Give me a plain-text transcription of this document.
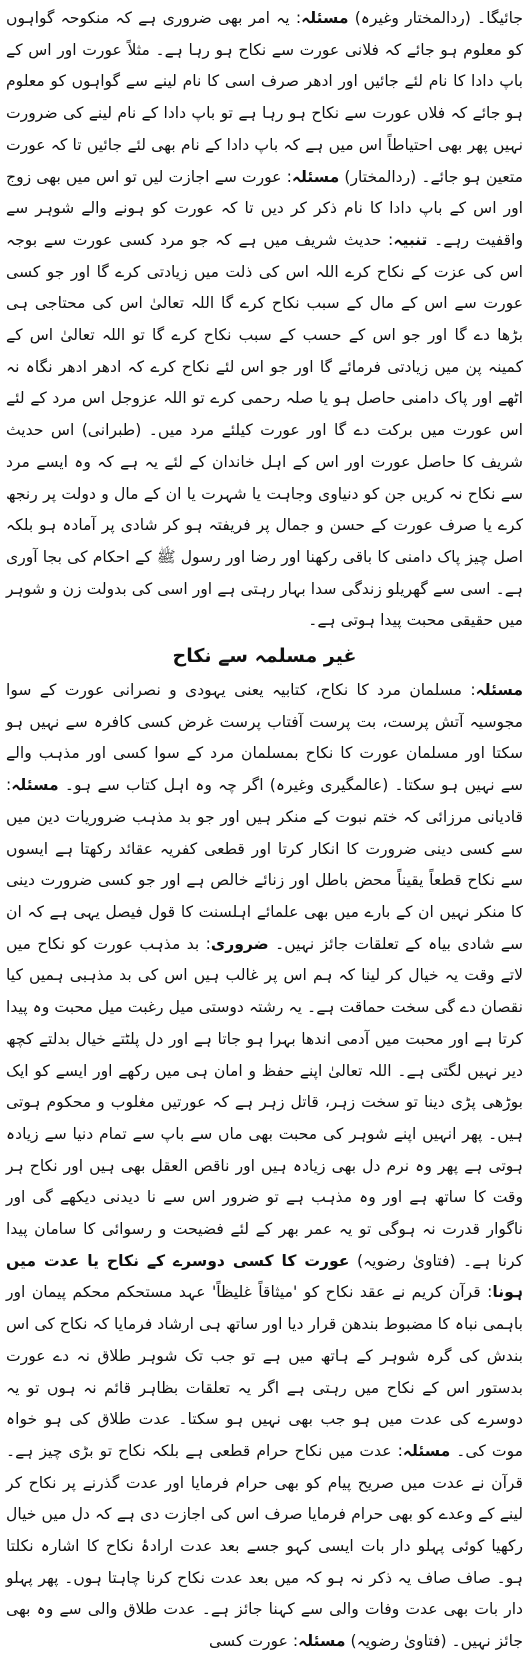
جائیگا۔ (ردالمختار وغیرہ) مسئلہ: یہ امر بھی ضروری ہے کہ منکوحہ گواہوں کو معلوم ہو جائے کہ فلانی عورت سے نکاح ہو رہا ہے۔ مثلاً عورت اور اس کے باپ دادا کا نام لئے جائیں اور ادھر صرف اسی کا نام لینے سے گواہوں کو معلوم ہو جائے کہ فلاں عورت سے نکاح ہو رہا ہے تو باپ دادا کے نام لینے کی ضرورت نہیں پھر بھی احتیاطاً اس میں ہے کہ باپ دادا کے نام بھی لئے جائیں تا کہ عورت متعین ہو جائے۔ (ردالمختار) مسئلہ: عورت سے اجازت لیں تو اس میں بھی زوج اور اس کے باپ دادا کا نام ذکر کر دیں تا کہ عورت کو ہونے والے شوہر سے واقفیت رہے۔ تنبیہ: حدیث شریف میں ہے کہ جو مرد کسی عورت سے بوجہ اس کی عزت کے نکاح کرے اللہ اس کی ذلت میں زیادتی کرے گا اور جو کسی عورت سے اس کے مال کے سبب نکاح کرے گا اللہ تعالیٰ اس کی محتاجی ہی بڑھا دے گا اور جو اس کے حسب کے سبب نکاح کرے گا تو اللہ تعالیٰ اس کے کمینہ پن میں زیادتی فرمائے گا اور جو اس لئے نکاح کرے کہ ادھر ادھر نگاہ نہ اٹھے اور پاک دامنی حاصل ہو یا صلہ رحمی کرے تو اللہ عزوجل اس مرد کے لئے اس عورت میں برکت دے گا اور عورت کیلئے مرد میں۔ (طبرانی) اس حدیث شریف کا حاصل عورت اور اس کے اہل خاندان کے لئے یہ ہے کہ وہ ایسے مرد سے نکاح نہ کریں جن کو دنیاوی وجاہت یا شہرت یا ان کے مال و دولت پر رنجھ کرے یا صرف عورت کے حسن و جمال پر فریفتہ ہو کر شادی پر آمادہ ہو بلکہ اصل چیز پاک دامنی کا باقی رکھنا اور رضا اور رسول ﷺ کے احکام کی بجا آوری ہے۔ اسی سے گھریلو زندگی سدا بہار رہتی ہے اور اسی کی بدولت زن و شوہر میں حقیقی محبت پیدا ہوتی ہے۔

غیر مسلمہ سے نکاح

مسئلہ: مسلمان مرد کا نکاح، کتابیہ یعنی یہودی و نصرانی عورت کے سوا مجوسیہ آتش پرست، بت پرست آفتاب پرست غرض کسی کافرہ سے نہیں ہو سکتا اور مسلمان عورت کا نکاح بمسلمان مرد کے سوا کسی اور مذہب والے سے نہیں ہو سکتا۔ (عالمگیری وغیرہ) اگر چہ وہ اہل کتاب سے ہو۔ مسئلہ: قادیانی مرزائی کہ ختم نبوت کے منکر ہیں اور جو بد مذہب ضروریات دین میں سے کسی دینی ضرورت کا انکار کرتا اور قطعی کفریہ عقائد رکھتا ہے ایسوں سے نکاح قطعاً یقیناً محض باطل اور زنائے خالص ہے اور جو کسی ضرورت دینی کا منکر نہیں ان کے بارے میں بھی علمائے اہلسنت کا قول فیصل یہی ہے کہ ان سے شادی بیاہ کے تعلقات جائز نہیں۔ ضروری: بد مذہب عورت کو نکاح میں لاتے وقت یہ خیال کر لینا کہ ہم اس پر غالب ہیں اس کی بد مذہبی ہمیں کیا نقصان دے گی سخت حماقت ہے۔ یہ رشتہ دوستی میل رغبت میل محبت وہ پیدا کرتا ہے اور محبت میں آدمی اندھا بہرا ہو جاتا ہے اور دل پلٹتے خیال بدلتے کچھ دیر نہیں لگتی ہے۔ اللہ تعالیٰ اپنے حفظ و امان ہی میں رکھے اور ایسے کو ایک بوڑھی پڑی دینا تو سخت زہر، قاتل زہر ہے کہ عورتیں مغلوب و محکوم ہوتی ہیں۔ پھر انہیں اپنے شوہر کی محبت بھی ماں سے باپ سے تمام دنیا سے زیادہ ہوتی ہے پھر وہ نرم دل بھی زیادہ ہیں اور ناقص العقل بھی ہیں اور نکاح ہر وقت کا ساتھ ہے اور وہ مذہب ہے تو ضرور اس سے نا دیدنی دیکھے گی اور ناگوار قدرت نہ ہوگی تو یہ عمر بھر کے لئے فضیحت و رسوائی کا سامان پیدا کرنا ہے۔ (فتاویٰ رضویہ) عورت کا کسی دوسرے کے نکاح یا عدت میں ہونا: قرآن کریم نے عقد نکاح کو 'میثاقاً غلیظاً' عہد مستحکم محکم پیمان اور باہمی نباہ کا مضبوط بندھن قرار دیا اور ساتھ ہی ارشاد فرمایا کہ نکاح کی اس بندش کی گرہ شوہر کے ہاتھ میں ہے تو جب تک شوہر طلاق نہ دے عورت بدستور اس کے نکاح میں رہتی ہے اگر یہ تعلقات بظاہر قائم نہ ہوں تو یہ دوسرے کی عدت میں ہو جب بھی نہیں ہو سکتا۔ عدت طلاق کی ہو خواہ موت کی۔ مسئلہ: عدت میں نکاح حرام قطعی ہے بلکہ نکاح تو بڑی چیز ہے۔ قرآن نے عدت میں صریح پیام کو بھی حرام فرمایا اور عدت گذرنے پر نکاح کر لینے کے وعدے کو بھی حرام فرمایا صرف اس کی اجازت دی ہے کہ دل میں خیال رکھیا کوئی پہلو دار بات ایسی کہو جسے بعد عدت ارادۂ نکاح کا اشارہ نکلتا ہو۔ صاف صاف یہ ذکر نہ ہو کہ میں بعد عدت نکاح کرنا چاہتا ہوں۔ پھر پہلو دار بات بھی عدت وفات والی سے کہنا جائز ہے۔ عدت طلاق والی سے وہ بھی جائز نہیں۔ (فتاویٰ رضویہ) مسئلہ: عورت کسی
